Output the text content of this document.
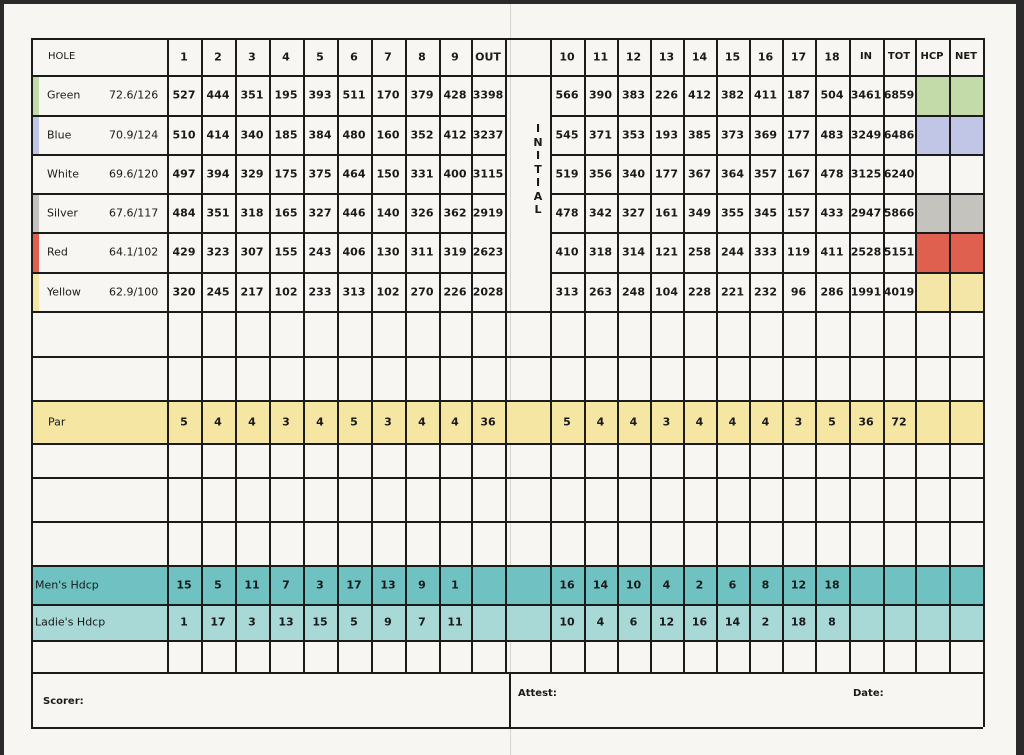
HOLE	1 2 3 4 5 6 7 8 9 OUT	10 11 12 13 14 15 16 17 18 IN TOT HCP NET
Green	72.6/126 527 444 351 195 393 511 170 379 428 3398	566 390 383 226 412 382 411 187 504 3461 6859
Blue	70.9/124 510 414 340 185 384 480 160 352 412 3237	545 371 353 193 385 373 369 177 483 3249 6486
White	69.6/120 497 394 329 175 375 464 150 331 400 3115	519 356 340 177 367 364 357 167 478 3125 6240
Silver	67.6/117 484 351 318 165 327 446 140 326 362 2919	478 342 327 161 349 355 345 157 433 2947 5866
Red	64.1/102 429 323 307 155 243 406 130 311 319 2623	410 318 314 121 258 244 333 119 411 2528 5151
Yellow	62.9/100 320 245 217 102 233 313 102 270 226 2028	313 263 248 104 228 221 232 96 286 1991 4019
Par	5 4 4 3 4 5 3 4 4 36	5 4 4 3 4 4 4 3 5 36 72
Men's Hdcp	15 5 11 7 3 17 13 9 1	16 14 10 4 2 6 8 12 18
Ladie's Hdcp	1 17 3 13 15 5 9 7 11	10 4 6 12 16 14 2 18 8
Scorer:
Attest:	Date:
I
N
I
T
I
A
L
